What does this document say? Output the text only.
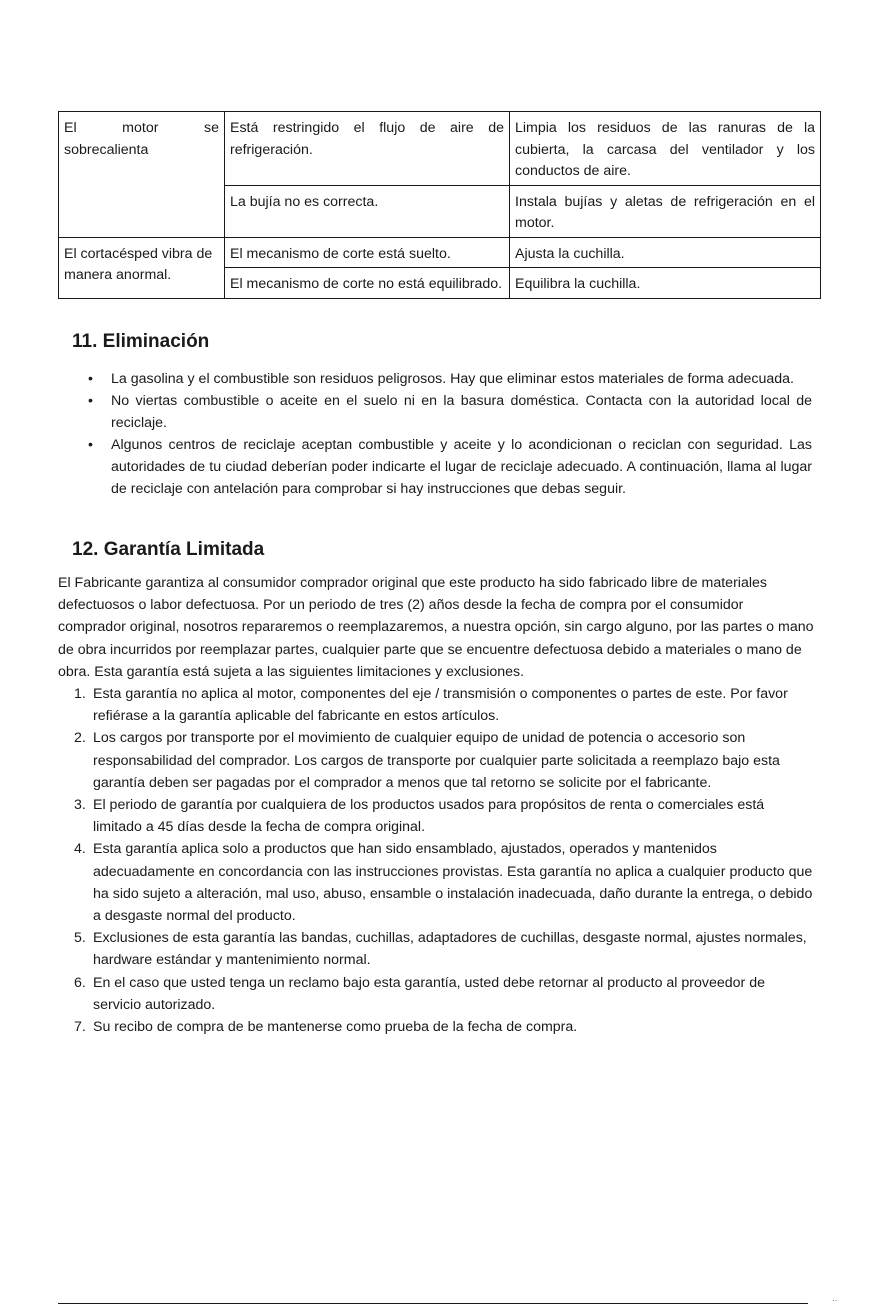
El motor se sobrecalienta	Está restringido el flujo de aire de refrigeración.	Limpia los residuos de las ranuras de la cubierta, la carcasa del ventilador y los conductos de aire.
	La bujía no es correcta.	Instala bujías y aletas de refrigeración en el motor.
El cortacésped vibra de manera anormal.	El mecanismo de corte está suelto.	Ajusta la cuchilla.
	El mecanismo de corte no está equilibrado.	Equilibra la cuchilla.
11. Eliminación
• La gasolina y el combustible son residuos peligrosos. Hay que eliminar estos materiales de forma adecuada.
• No viertas combustible o aceite en el suelo ni en la basura doméstica. Contacta con la autoridad local de reciclaje.
• Algunos centros de reciclaje aceptan combustible y aceite y lo acondicionan o reciclan con seguridad. Las autoridades de tu ciudad deberían poder indicarte el lugar de reciclaje adecuado. A continuación, llama al lugar de reciclaje con antelación para comprobar si hay instrucciones que debas seguir.
12. Garantía Limitada

El Fabricante garantiza al consumidor comprador original que este producto ha sido fabricado libre de materiales defectuosos o labor defectuosa. Por un periodo de tres (2) años desde la fecha de compra por el consumidor comprador original, nosotros repararemos o reemplazaremos, a nuestra opción, sin cargo alguno, por las partes o mano de obra incurridos por reemplazar partes, cualquier parte que se encuentre defectuosa debido a materiales o mano de obra. Esta garantía está sujeta a las siguientes limitaciones y exclusiones.

1. Esta garantía no aplica al motor, componentes del eje / transmisión o componentes o partes de este. Por favor refiérase a la garantía aplicable del fabricante en estos artículos.
2. Los cargos por transporte por el movimiento de cualquier equipo de unidad de potencia o accesorio son responsabilidad del comprador. Los cargos de transporte por cualquier parte solicitada a reemplazo bajo esta garantía deben ser pagadas por el comprador a menos que tal retorno se solicite por el fabricante.
3. El periodo de garantía por cualquiera de los productos usados para propósitos de renta o comerciales está limitado a 45 días desde la fecha de compra original.
4. Esta garantía aplica solo a productos que han sido ensamblado, ajustados, operados y mantenidos adecuadamente en concordancia con las instrucciones provistas. Esta garantía no aplica a cualquier producto que ha sido sujeto a alteración, mal uso, abuso, ensamble o instalación inadecuada, daño durante la entrega, o debido a desgaste normal del producto.
5. Exclusiones de esta garantía las bandas, cuchillas, adaptadores de cuchillas, desgaste normal, ajustes normales, hardware estándar y mantenimiento normal.
6. En el caso que usted tenga un reclamo bajo esta garantía, usted debe retornar al producto al proveedor de servicio autorizado.
7. Su recibo de compra de be mantenerse como prueba de la fecha de compra.
··
